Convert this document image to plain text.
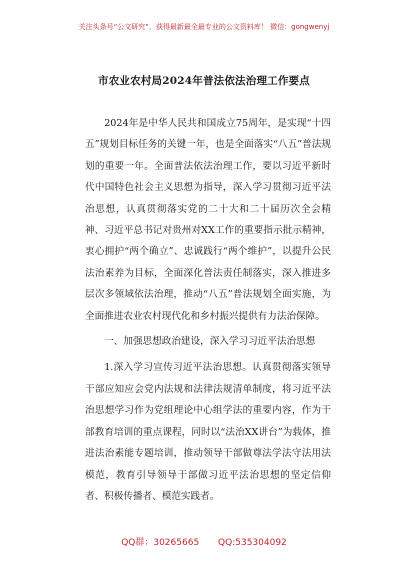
关注头条号“公文研究”，获得最新最全最专业的公文资料库！ 微信：gongwenyj
市农业农村局2024年普法依法治理工作要点

2024年是中华人民共和国成立75周年，是实现“十四五”规划目标任务的关键一年，也是全面落实“八五”普法规划的重要一年。全面普法依法治理工作，要以习近平新时代中国特色社会主义思想为指导，深入学习贯彻习近平法治思想，认真贯彻落实党的二十大和二十届历次全会精神、习近平总书记对贵州对XX工作的重要指示批示精神，衷心拥护“两个确立”、忠诚践行“两个维护”，以提升公民法治素养为目标，全面深化普法责任制落实，深入推进多层次多领域依法治理，推动“八五”普法规划全面实施，为全面推进农业农村现代化和乡村振兴提供有力法治保障。

一、加强思想政治建设，深入学习习近平法治思想

1.深入学习宣传习近平法治思想。认真贯彻落实领导干部应知应会党内法规和法律法规清单制度，将习近平法治思想学习作为党组理论中心组学法的重要内容，作为干部教育培训的重点课程，同时以“法治XX讲台”为载体，推进法治素能专题培训，推动领导干部做尊法学法守法用法模范，教育引导领导干部做习近平法治思想的坚定信仰者、积极传播者、模范实践者。

QQ群：30265665 QQ:535304092
